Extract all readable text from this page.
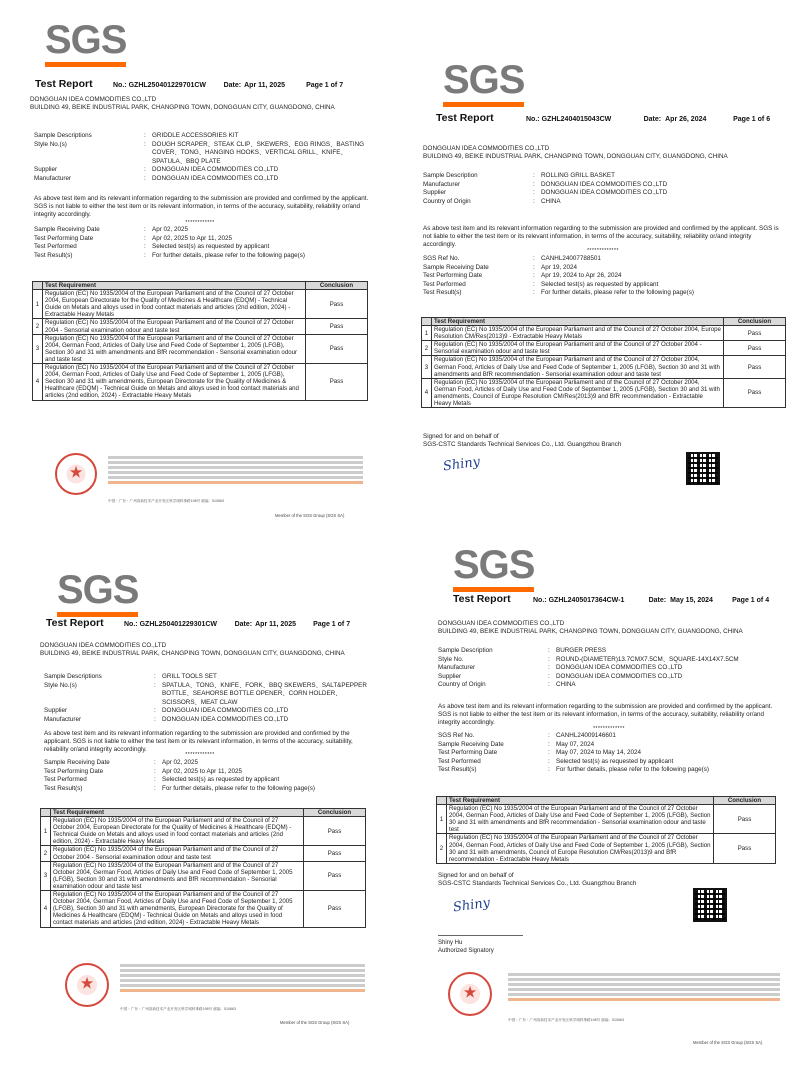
SGS
Test Report	No.: GZHL250401229701CW	Date: Apr 11, 2025	Page 1 of 7
DONGGUAN IDEA COMMODITIES CO.,LTD
BUILDING 49, BEIKE INDUSTRIAL PARK, CHANGPING TOWN, DONGGUAN CITY, GUANGDONG, CHINA
Sample Descriptions	: GRIDDLE ACCESSORIES KIT
Style No.(s)	: DOUGH SCRAPER、STEAK CLIP、SKEWERS、EGG RINGS、BASTING COVER、TONG、HANGING HOOKS、VERTICAL GRILL、KNIFE、SPATULA、BBQ PLATE
Supplier	: DONGGUAN IDEA COMMODITIES CO.,LTD
Manufacturer	: DONGGUAN IDEA COMMODITIES CO.,LTD
As above test item and its relevant information regarding to the submission are provided and confirmed by the applicant. SGS is not liable to either the test item or its relevant information, in terms of the accuracy, suitability, reliability or/and integrity accordingly.
************
Sample Receiving Date	: Apr 02, 2025
Test Performing Date	: Apr 02, 2025 to Apr 11, 2025
Test Performed	: Selected test(s) as requested by applicant
Test Result(s)	: For further details, please refer to the following page(s)
	Test Requirement	Conclusion
1	Regulation (EC) No 1935/2004 of the European Parliament and of the Council of 27 October 2004, European Directorate for the Quality of Medicines & Healthcare (EDQM) - Technical Guide on Metals and alloys used in food contact materials and articles (2nd edition, 2024) - Extractable Heavy Metals	Pass
2	Regulation (EC) No 1935/2004 of the European Parliament and of the Council of 27 October 2004 - Sensorial examination odour and taste test	Pass
3	Regulation (EC) No 1935/2004 of the European Parliament and of the Council of 27 October 2004, German Food, Articles of Daily Use and Feed Code of September 1, 2005 (LFGB), Section 30 and 31 with amendments and BfR recommendation - Sensorial examination odour and taste test	Pass
4	Regulation (EC) No 1935/2004 of the European Parliament and of the Council of 27 October 2004, German Food, Articles of Daily Use and Feed Code of September 1, 2005 (LFGB), Section 30 and 31 with amendments, European Directorate for the Quality of Medicines & Healthcare (EDQM) - Technical Guide on Metals and alloys used in food contact materials and articles (2nd edition, 2024) - Extractable Heavy Metals	Pass
★
中国・广东・广州高新技术产业开发区科学城科珠路198号 邮编：510663
Member of the SGS Group (SGS SA)
SGS
Test Report	No.: GZHL2404015043CW	Date: Apr 26, 2024	Page 1 of 6
DONGGUAN IDEA COMMODITIES CO.,LTD
BUILDING 49, BEIKE INDUSTRIAL PARK, CHANGPING TOWN, DONGGUAN CITY, GUANGDONG, CHINA
Sample Description	: ROLLING GRILL BASKET
Manufacturer	: DONGGUAN IDEA COMMODITIES CO.,LTD
Supplier	: DONGGUAN IDEA COMMODITIES CO.,LTD
Country of Origin	: CHINA
As above test item and its relevant information regarding to the submission are provided and confirmed by the applicant. SGS is not liable to either the test item or its relevant information, in terms of the accuracy, suitability, reliability or/and integrity accordingly.
*************
SGS Ref No.	: CANHL24007788501
Sample Receiving Date	: Apr 19, 2024
Test Performing Date	: Apr 19, 2024 to Apr 26, 2024
Test Performed	: Selected test(s) as requested by applicant
Test Result(s)	: For further details, please refer to the following page(s)
	Test Requirement	Conclusion
1	Regulation (EC) No 1935/2004 of the European Parliament and of the Council of 27 October 2004, Europe Resolution CM/Res(2013)9 - Extractable Heavy Metals	Pass
2	Regulation (EC) No 1935/2004 of the European Parliament and of the Council of 27 October 2004 - Sensorial examination odour and taste test	Pass
3	Regulation (EC) No 1935/2004 of the European Parliament and of the Council of 27 October 2004, German Food, Articles of Daily Use and Feed Code of September 1, 2005 (LFGB), Section 30 and 31 with amendments and BfR recommendation - Sensorial examination odour and taste test	Pass
4	Regulation (EC) No 1935/2004 of the European Parliament and of the Council of 27 October 2004, German Food, Articles of Daily Use and Feed Code of September 1, 2005 (LFGB), Section 30 and 31 with amendments, Council of Europe Resolution CM/Res(2013)9 and BfR recommendation - Extractable Heavy Metals	Pass
Signed for and on behalf of
SGS-CSTC Standards Technical Services Co., Ltd. Guangzhou Branch
Shiny
SGS
Test Report	No.: GZHL250401229301CW	Date: Apr 11, 2025	Page 1 of 7
DONGGUAN IDEA COMMODITIES CO.,LTD
BUILDING 49, BEIKE INDUSTRIAL PARK, CHANGPING TOWN, DONGGUAN CITY, GUANGDONG, CHINA
Sample Descriptions	: GRILL TOOLS SET
Style No.(s)	: SPATULA、TONG、KNIFE、FORK、BBQ SKEWERS、SALT&PEPPER BOTTLE、SEAHORSE BOTTLE OPENER、CORN HOLDER、SCISSORS、MEAT CLAW
Supplier	: DONGGUAN IDEA COMMODITIES CO.,LTD
Manufacturer	: DONGGUAN IDEA COMMODITIES CO.,LTD
As above test item and its relevant information regarding to the submission are provided and confirmed by the applicant. SGS is not liable to either the test item or its relevant information, in terms of the accuracy, suitability, reliability or/and integrity accordingly.
************
Sample Receiving Date	: Apr 02, 2025
Test Performing Date	: Apr 02, 2025 to Apr 11, 2025
Test Performed	: Selected test(s) as requested by applicant
Test Result(s)	: For further details, please refer to the following page(s)
	Test Requirement	Conclusion
1	Regulation (EC) No 1935/2004 of the European Parliament and of the Council of 27 October 2004, European Directorate for the Quality of Medicines & Healthcare (EDQM) - Technical Guide on Metals and alloys used in food contact materials and articles (2nd edition, 2024) - Extractable Heavy Metals	Pass
2	Regulation (EC) No 1935/2004 of the European Parliament and of the Council of 27 October 2004 - Sensorial examination odour and taste test	Pass
3	Regulation (EC) No 1935/2004 of the European Parliament and of the Council of 27 October 2004, German Food, Articles of Daily Use and Feed Code of September 1, 2005 (LFGB), Section 30 and 31 with amendments and BfR recommendation - Sensorial examination odour and taste test	Pass
4	Regulation (EC) No 1935/2004 of the European Parliament and of the Council of 27 October 2004, German Food, Articles of Daily Use and Feed Code of September 1, 2005 (LFGB), Section 30 and 31 with amendments, European Directorate for the Quality of Medicines & Healthcare (EDQM) - Technical Guide on Metals and alloys used in food contact materials and articles (2nd edition, 2024) - Extractable Heavy Metals	Pass
★
中国・广东・广州高新技术产业开发区科学城科珠路198号 邮编：510663
Member of the SGS Group (SGS SA)
SGS
Test Report	No.: GZHL2405017364CW-1	Date: May 15, 2024	Page 1 of 4
DONGGUAN IDEA COMMODITIES CO.,LTD
BUILDING 49, BEIKE INDUSTRIAL PARK, CHANGPING TOWN, DONGGUAN CITY, GUANGDONG, CHINA
Sample Description	: BURGER PRESS
Style No.	: ROUND-(DIAMETER)13.7CMX7.5CM、SQUARE-14X14X7.5CM
Manufacturer	: DONGGUAN IDEA COMMODITIES CO.,LTD
Supplier	: DONGGUAN IDEA COMMODITIES CO.,LTD
Country of Origin	: CHINA
As above test item and its relevant information regarding to the submission are provided and confirmed by the applicant. SGS is not liable to either the test item or its relevant information, in terms of the accuracy, suitability, reliability or/and integrity accordingly.
*************
SGS Ref No.	: CANHL24009146601
Sample Receiving Date	: May 07, 2024
Test Performing Date	: May 07, 2024 to May 14, 2024
Test Performed	: Selected test(s) as requested by applicant
Test Result(s)	: For further details, please refer to the following page(s)
	Test Requirement	Conclusion
1	Regulation (EC) No 1935/2004 of the European Parliament and of the Council of 27 October 2004, German Food, Articles of Daily Use and Feed Code of September 1, 2005 (LFGB), Section 30 and 31 with amendments and BfR recommendation - Sensorial examination odour and taste test	Pass
2	Regulation (EC) No 1935/2004 of the European Parliament and of the Council of 27 October 2004, German Food, Articles of Daily Use and Feed Code of September 1, 2005 (LFGB), Section 30 and 31 with amendments, Council of Europe Resolution CM/Res(2013)9 and BfR recommendation - Extractable Heavy Metals	Pass
Signed for and on behalf of
SGS-CSTC Standards Technical Services Co., Ltd. Guangzhou Branch
Shiny
Shiny Hu
Authorized Signatory
★
中国・广东・广州高新技术产业开发区科学城科珠路198号 邮编：510663
Member of the SGS Group (SGS SA)
